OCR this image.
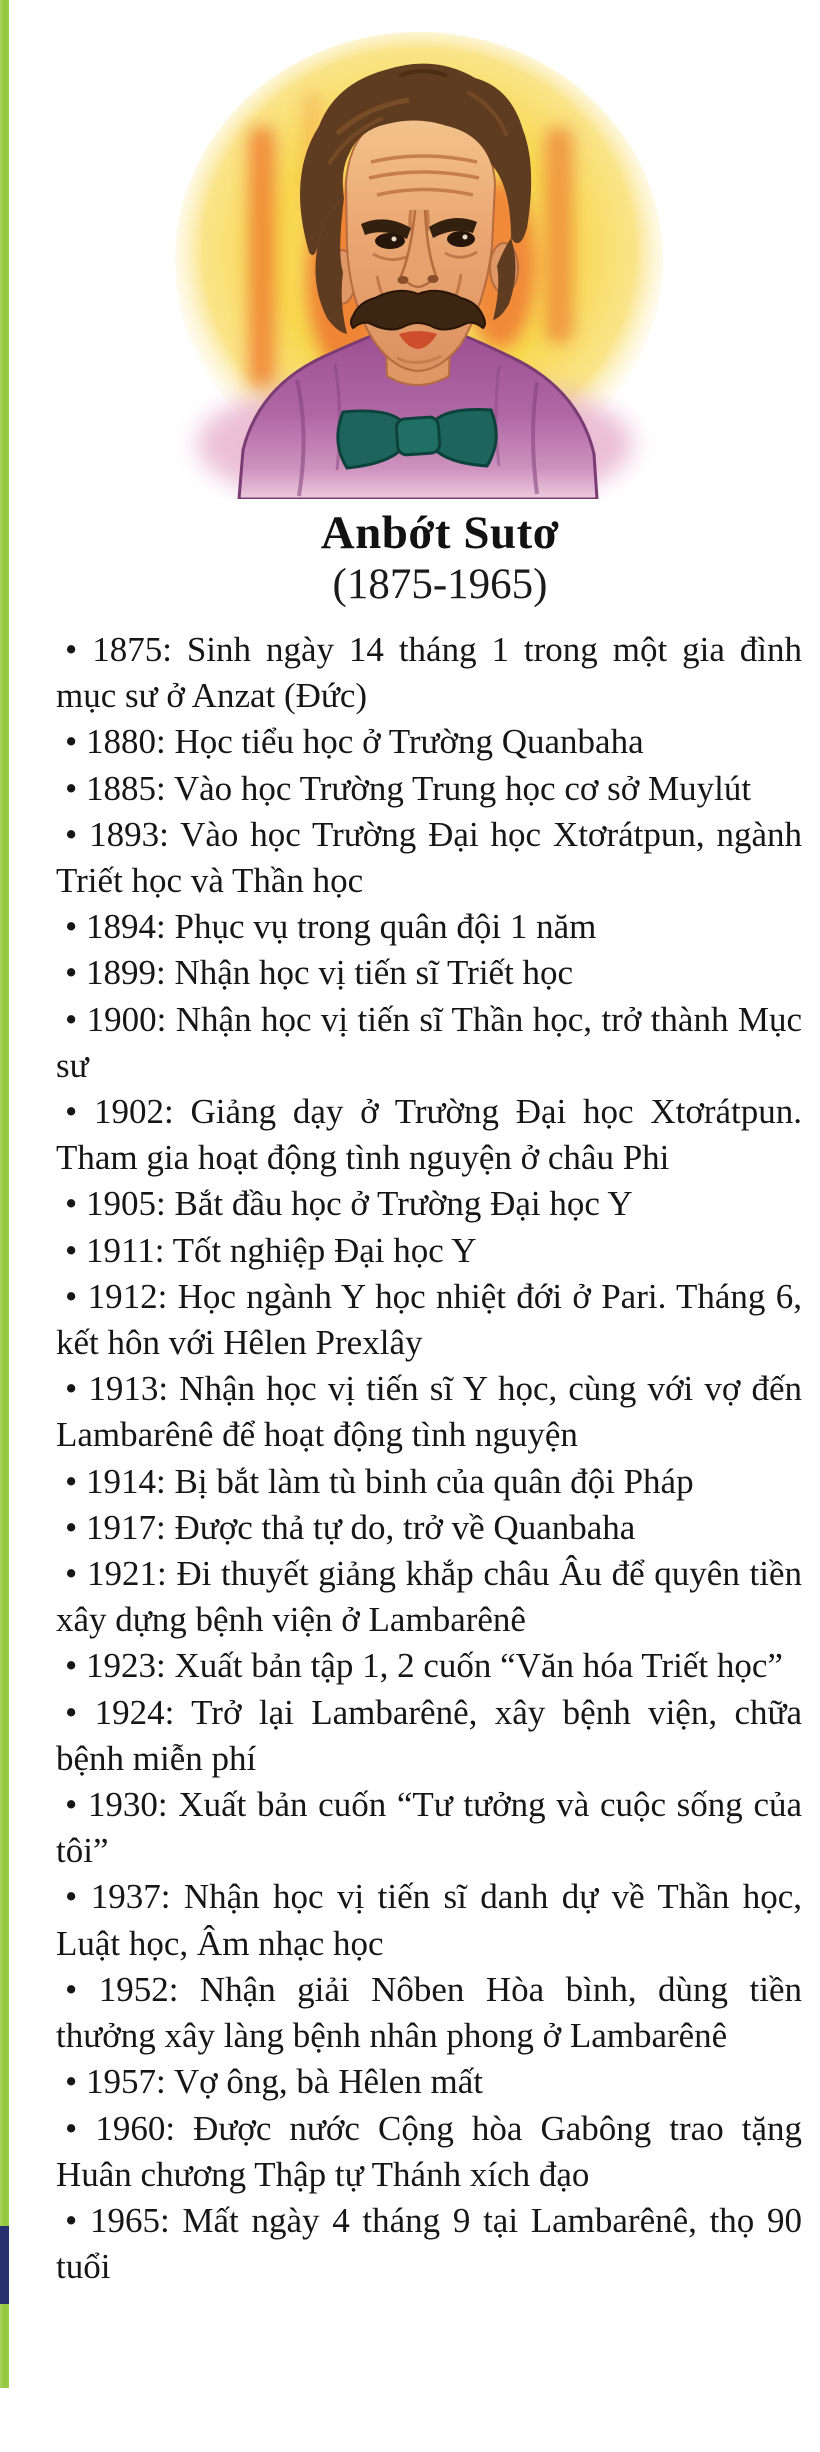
Anbớt Sutơ
(1875-1965)

• 1875: Sinh ngày 14 tháng 1 trong một gia đình mục sư ở Anzat (Đức)

• 1880: Học tiểu học ở Trường Quanbaha

• 1885: Vào học Trường Trung học cơ sở Muylút

• 1893: Vào học Trường Đại học Xtơrátpun, ngành Triết học và Thần học

• 1894: Phục vụ trong quân đội 1 năm

• 1899: Nhận học vị tiến sĩ Triết học

• 1900: Nhận học vị tiến sĩ Thần học, trở thành Mục sư

• 1902: Giảng dạy ở Trường Đại học Xtơrátpun. Tham gia hoạt động tình nguyện ở châu Phi

• 1905: Bắt đầu học ở Trường Đại học Y

• 1911: Tốt nghiệp Đại học Y

• 1912: Học ngành Y học nhiệt đới ở Pari. Tháng 6, kết hôn với Hêlen Prexlây

• 1913: Nhận học vị tiến sĩ Y học, cùng với vợ đến Lambarênê để hoạt động tình nguyện

• 1914: Bị bắt làm tù binh của quân đội Pháp

• 1917: Được thả tự do, trở về Quanbaha

• 1921: Đi thuyết giảng khắp châu Âu để quyên tiền xây dựng bệnh viện ở Lambarênê

• 1923: Xuất bản tập 1, 2 cuốn “Văn hóa Triết học”

• 1924: Trở lại Lambarênê, xây bệnh viện, chữa bệnh miễn phí

• 1930: Xuất bản cuốn “Tư tưởng và cuộc sống của tôi”

• 1937: Nhận học vị tiến sĩ danh dự về Thần học, Luật học, Âm nhạc học

• 1952: Nhận giải Nôben Hòa bình, dùng tiền thưởng xây làng bệnh nhân phong ở Lambarênê

• 1957: Vợ ông, bà Hêlen mất

• 1960: Được nước Cộng hòa Gabông trao tặng Huân chương Thập tự Thánh xích đạo

• 1965: Mất ngày 4 tháng 9 tại Lambarênê, thọ 90 tuổi
